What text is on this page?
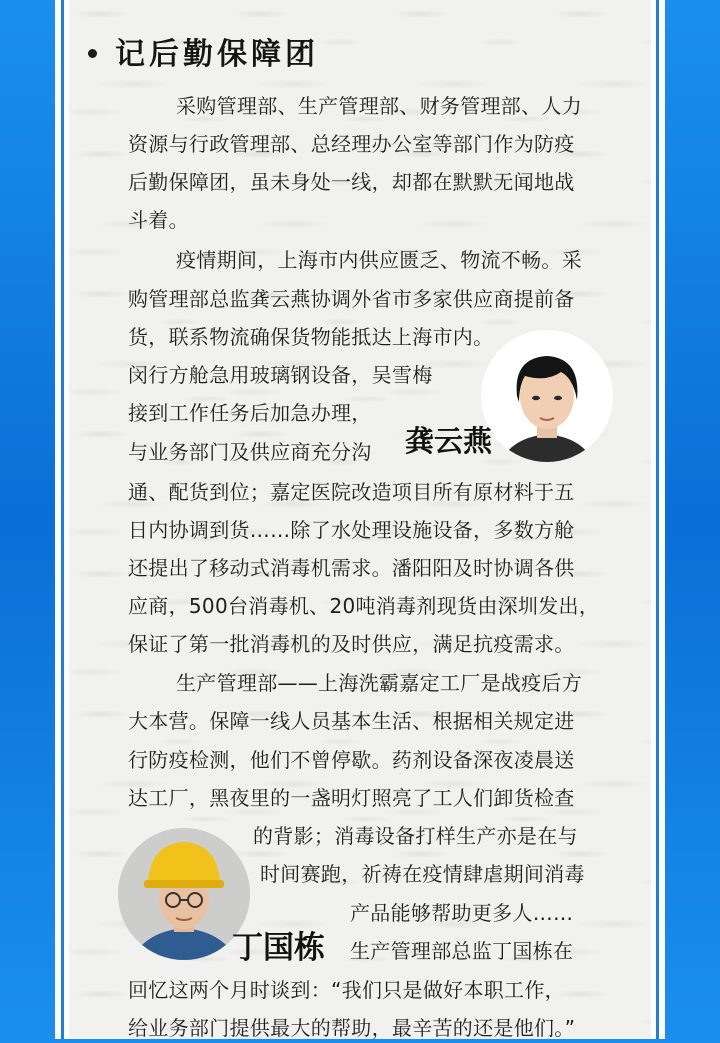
记后勤保障团
采购管理部、生产管理部、财务管理部、人力
资源与行政管理部、总经理办公室等部门作为防疫
后勤保障团，虽未身处一线，却都在默默无闻地战
斗着。
疫情期间，上海市内供应匮乏、物流不畅。采
购管理部总监龚云燕协调外省市多家供应商提前备
货，联系物流确保货物能抵达上海市内。
闵行方舱急用玻璃钢设备，吴雪梅
接到工作任务后加急办理，
与业务部门及供应商充分沟
通、配货到位；嘉定医院改造项目所有原材料于五
日内协调到货……除了水处理设施设备，多数方舱
还提出了移动式消毒机需求。潘阳阳及时协调各供
应商，500台消毒机、20吨消毒剂现货由深圳发出，
保证了第一批消毒机的及时供应，满足抗疫需求。
生产管理部——上海洗霸嘉定工厂是战疫后方
大本营。保障一线人员基本生活、根据相关规定进
行防疫检测，他们不曾停歇。药剂设备深夜凌晨送
达工厂，黑夜里的一盏明灯照亮了工人们卸货检查
的背影；消毒设备打样生产亦是在与
时间赛跑，祈祷在疫情肆虐期间消毒
产品能够帮助更多人……
生产管理部总监丁国栋在
回忆这两个月时谈到：“我们只是做好本职工作，
给业务部门提供最大的帮助，最辛苦的还是他们。”
龚云燕
丁国栋
